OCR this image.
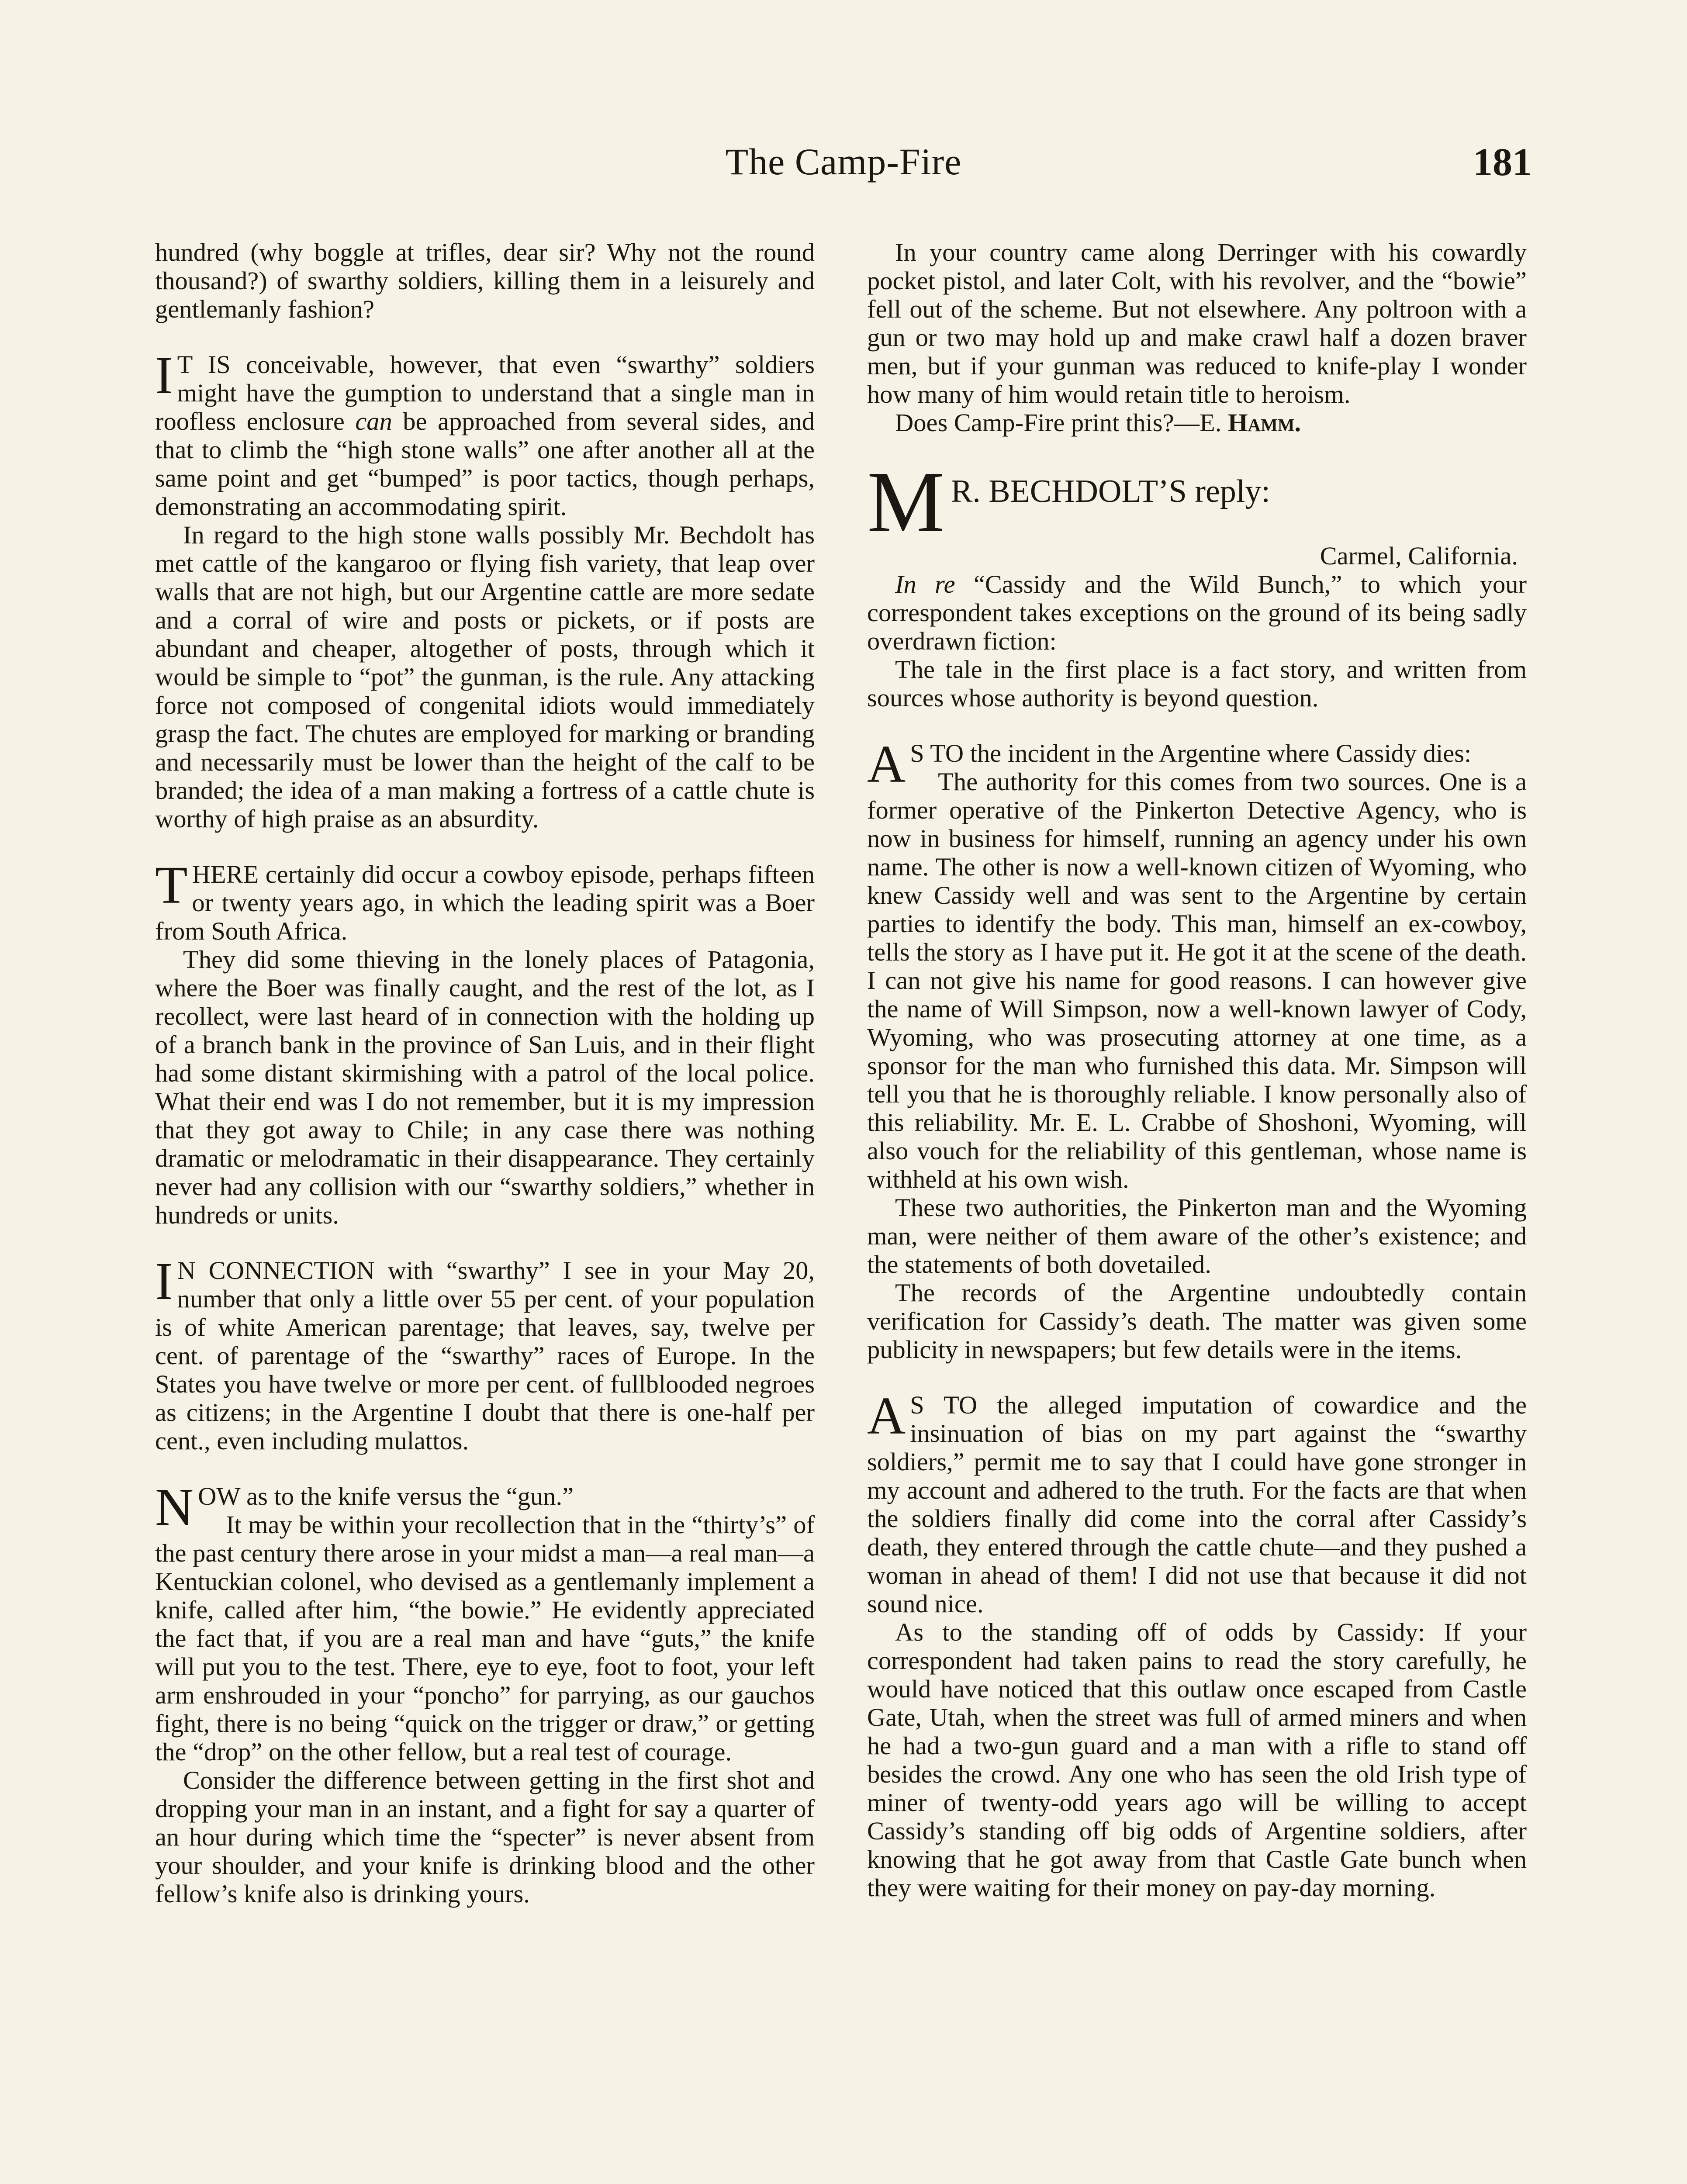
The Camp-Fire	181

hundred (why boggle at trifles, dear sir? Why not the round thousand?) of swarthy soldiers, killing them in a leisurely and gentlemanly fashion?

I T IS conceivable, however, that even “swarthy” soldiers might have the gumption to understand that a single man in roofless enclosure can be approached from several sides, and that to climb the “high stone walls” one after another all at the same point and get “bumped” is poor tactics, though perhaps, demonstrating an accommodating spirit.

In regard to the high stone walls possibly Mr. Bechdolt has met cattle of the kangaroo or flying fish variety, that leap over walls that are not high, but our Argentine cattle are more sedate and a corral of wire and posts or pickets, or if posts are abundant and cheaper, altogether of posts, through which it would be simple to “pot” the gunman, is the rule. Any attacking force not composed of congenital idiots would immediately grasp the fact. The chutes are employed for marking or branding and necessarily must be lower than the height of the calf to be branded; the idea of a man making a fortress of a cattle chute is worthy of high praise as an absurdity.

THERE certainly did occur a cowboy episode, perhaps fifteen or twenty years ago, in which the leading spirit was a Boer from South Africa.

They did some thieving in the lonely places of Patagonia, where the Boer was finally caught, and the rest of the lot, as I recollect, were last heard of in connection with the holding up of a branch bank in the province of San Luis, and in their flight had some distant skirmishing with a patrol of the local police. What their end was I do not remember, but it is my impression that they got away to Chile; in any case there was nothing dramatic or melodramatic in their disappearance. They certainly never had any collision with our “swarthy soldiers,” whether in hundreds or units.

I N CONNECTION with “swarthy” I see in your May 20, number that only a little over 55 per cent. of your population is of white American parentage; that leaves, say, twelve per cent. of parentage of the “swarthy” races of Europe. In the States you have twelve or more per cent. of fullblooded negroes as citizens; in the Argentine I doubt that there is one-half per cent., even including mulattos.

NOW as to the knife versus the “gun.”

It may be within your recollection that in the “thirty’s” of the past century there arose in your midst a man—a real man—a Kentuckian colonel, who devised as a gentlemanly implement a knife, called after him, “the bowie.” He evidently appreciated the fact that, if you are a real man and have “guts,” the knife will put you to the test. There, eye to eye, foot to foot, your left arm enshrouded in your “poncho” for parrying, as our gauchos fight, there is no being “quick on the trigger or draw,” or getting the “drop” on the other fellow, but a real test of courage.

Consider the difference between getting in the first shot and dropping your man in an instant, and a fight for say a quarter of an hour during which time the “specter” is never absent from your shoulder, and your knife is drinking blood and the other fellow’s knife also is drinking yours.

In your country came along Derringer with his cowardly pocket pistol, and later Colt, with his revolver, and the “bowie” fell out of the scheme. But not elsewhere. Any poltroon with a gun or two may hold up and make crawl half a dozen braver men, but if your gunman was reduced to knife-play I wonder how many of him would retain title to heroism.

Does Camp-Fire print this?—E. Hamm.

M R. BECHDOLT’S reply:

Carmel, California.

In re “Cassidy and the Wild Bunch,” to which your correspondent takes exceptions on the ground of its being sadly overdrawn fiction:

The tale in the first place is a fact story, and written from sources whose authority is beyond question.

A S TO the incident in the Argentine where Cassidy dies:

The authority for this comes from two sources. One is a former operative of the Pinkerton Detective Agency, who is now in business for himself, running an agency under his own name. The other is now a well-known citizen of Wyoming, who knew Cassidy well and was sent to the Argentine by certain parties to identify the body. This man, himself an ex-cowboy, tells the story as I have put it. He got it at the scene of the death. I can not give his name for good reasons. I can however give the name of Will Simpson, now a well-known lawyer of Cody, Wyoming, who was prosecuting attorney at one time, as a sponsor for the man who furnished this data. Mr. Simpson will tell you that he is thoroughly reliable. I know personally also of this reliability. Mr. E. L. Crabbe of Shoshoni, Wyoming, will also vouch for the reliability of this gentleman, whose name is withheld at his own wish.

These two authorities, the Pinkerton man and the Wyoming man, were neither of them aware of the other’s existence; and the statements of both dovetailed.

The records of the Argentine undoubtedly contain verification for Cassidy’s death. The matter was given some publicity in newspapers; but few details were in the items.

A S TO the alleged imputation of cowardice and the insinuation of bias on my part against the “swarthy soldiers,” permit me to say that I could have gone stronger in my account and adhered to the truth. For the facts are that when the soldiers finally did come into the corral after Cassidy’s death, they entered through the cattle chute—and they pushed a woman in ahead of them! I did not use that because it did not sound nice.

As to the standing off of odds by Cassidy: If your correspondent had taken pains to read the story carefully, he would have noticed that this outlaw once escaped from Castle Gate, Utah, when the street was full of armed miners and when he had a two-gun guard and a man with a rifle to stand off besides the crowd. Any one who has seen the old Irish type of miner of twenty-odd years ago will be willing to accept Cassidy’s standing off big odds of Argentine soldiers, after knowing that he got away from that Castle Gate bunch when they were waiting for their money on pay-day morning.
